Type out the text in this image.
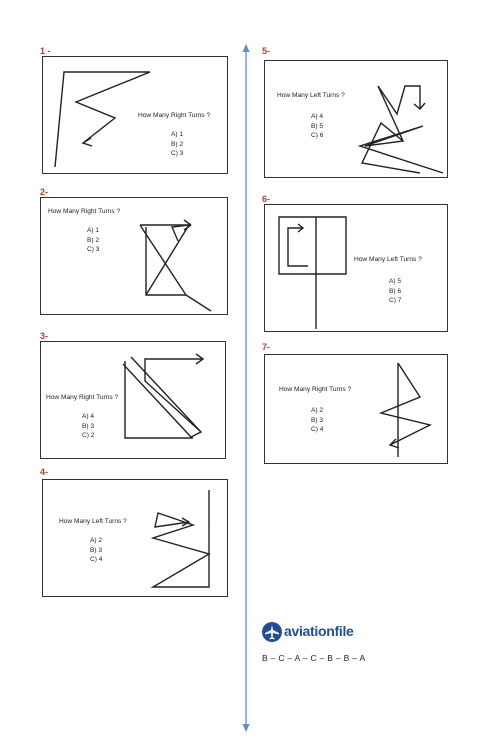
1 -
How Many Right Turns ?
A) 1
B) 2
C) 3
2-
How Many Right Turns ?
A) 1
B) 2
C) 3
3-
How Many Right Turns ?
A) 4
B) 3
C) 2
4-
How Many Left Turns ?
A) 2
B) 3
C) 4
5-
How Many Left Turns ?
A) 4
B) 5
C) 6
6-
How Many Left Turns ?
A) 5
B) 6
C) 7
7-
How Many Right Turns ?
A) 2
B) 3
C) 4
aviationfile
B – C – A – C – B – B – A
